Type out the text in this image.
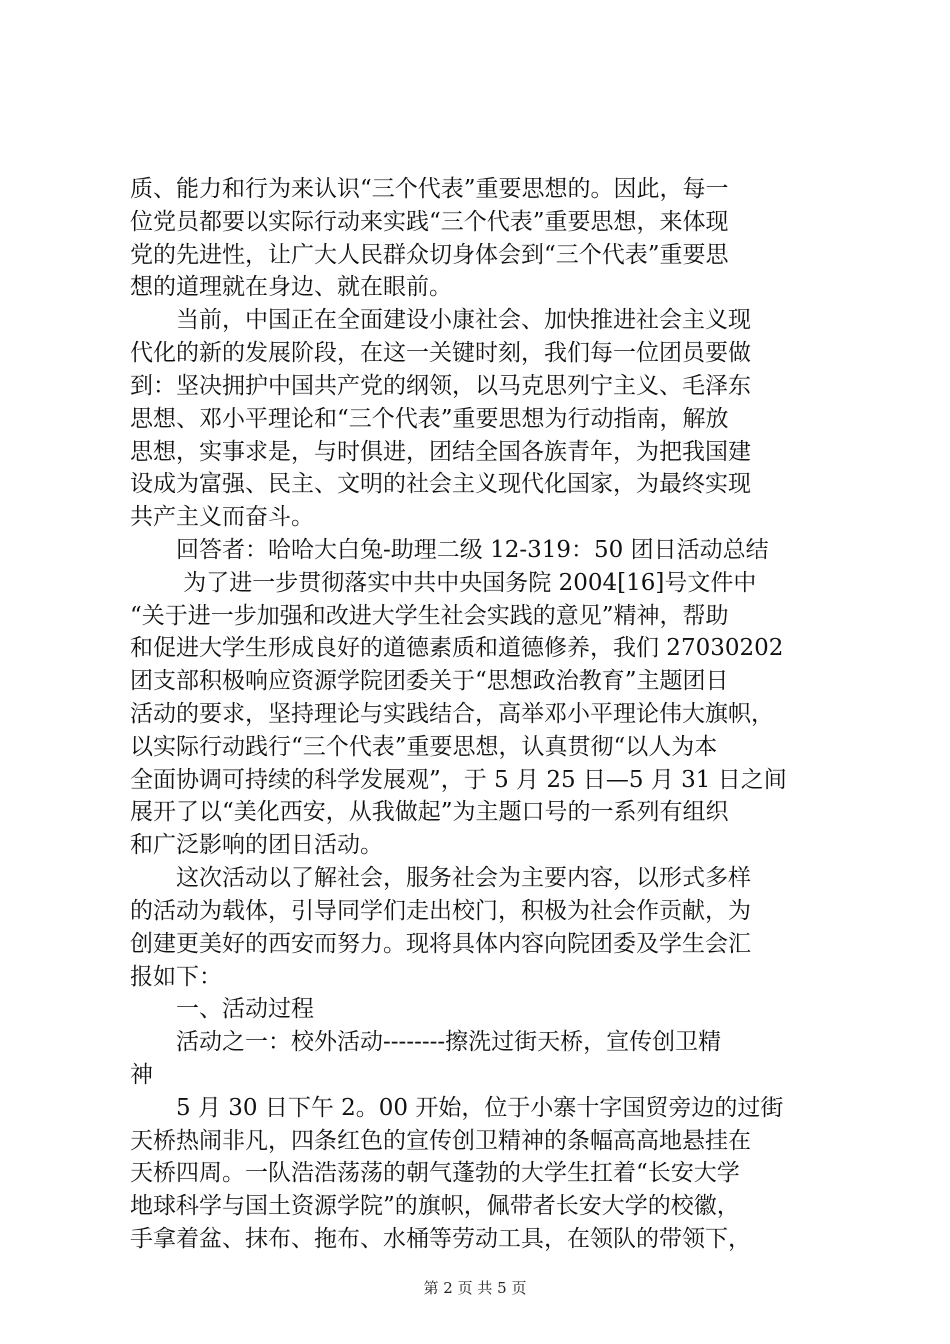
质、能力和行为来认识“三个代表”重要思想的。因此，每一
位党员都要以实际行动来实践“三个代表”重要思想，来体现
党的先进性，让广大人民群众切身体会到“三个代表”重要思
想的道理就在身边、就在眼前。
　　当前，中国正在全面建设小康社会、加快推进社会主义现
代化的新的发展阶段，在这一关键时刻，我们每一位团员要做
到：坚决拥护中国共产党的纲领，以马克思列宁主义、毛泽东
思想、邓小平理论和“三个代表”重要思想为行动指南，解放
思想，实事求是，与时俱进，团结全国各族青年，为把我国建
设成为富强、民主、文明的社会主义现代化国家，为最终实现
共产主义而奋斗。
　　回答者：哈哈大白兔-助理二级 12-319：50 团日活动总结
　　 为了进一步贯彻落实中共中央国务院 2004[16]号文件中
“关于进一步加强和改进大学生社会实践的意见”精神，帮助
和促进大学生形成良好的道德素质和道德修养，我们 27030202
团支部积极响应资源学院团委关于“思想政治教育”主题团日
活动的要求，坚持理论与实践结合，高举邓小平理论伟大旗帜，
以实际行动践行“三个代表”重要思想，认真贯彻“以人为本
全面协调可持续的科学发展观”，于 5 月 25 日—5 月 31 日之间
展开了以“美化西安，从我做起”为主题口号的一系列有组织
和广泛影响的团日活动。
　　这次活动以了解社会，服务社会为主要内容，以形式多样
的活动为载体，引导同学们走出校门，积极为社会作贡献，为
创建更美好的西安而努力。现将具体内容向院团委及学生会汇
报如下：
　　一、活动过程
　　活动之一：校外活动--------擦洗过街天桥，宣传创卫精
神
　　5 月 30 日下午 2。00 开始，位于小寨十字国贸旁边的过街
天桥热闹非凡，四条红色的宣传创卫精神的条幅高高地悬挂在
天桥四周。一队浩浩荡荡的朝气蓬勃的大学生扛着“长安大学
地球科学与国土资源学院”的旗帜，佩带者长安大学的校徽，
手拿着盆、抹布、拖布、水桶等劳动工具，在领队的带领下，
第 2 页 共 5 页
